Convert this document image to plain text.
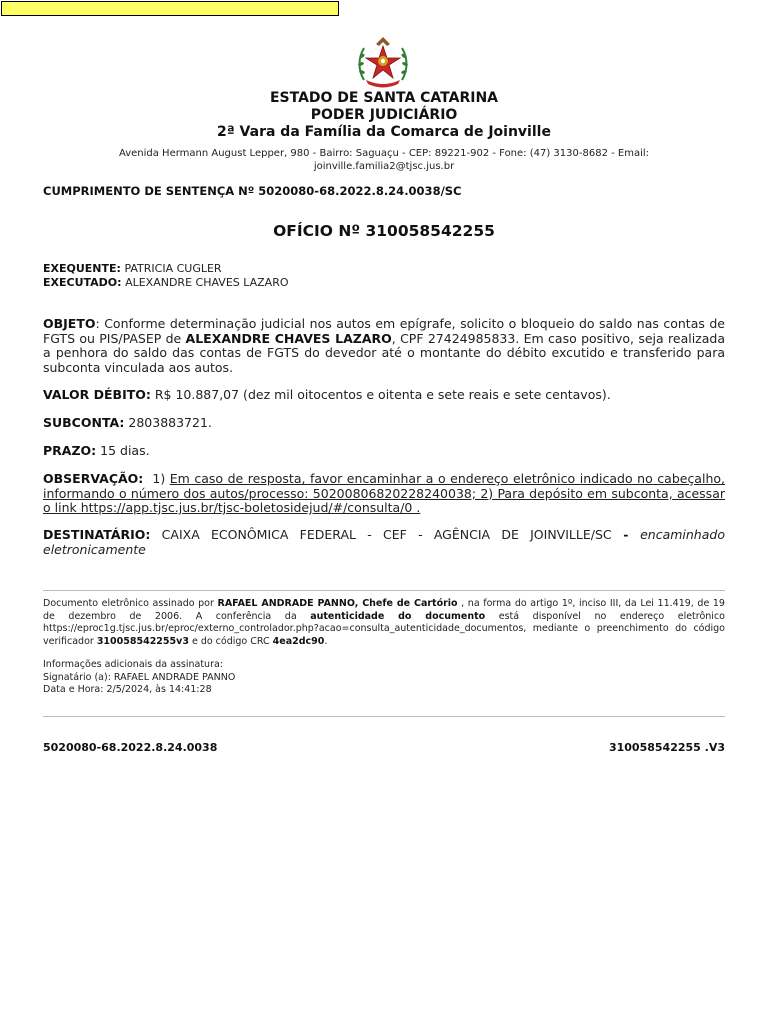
ESTADO DE SANTA CATARINA
PODER JUDICIÁRIO
2ª Vara da Família da Comarca de Joinville
Avenida Hermann August Lepper, 980 - Bairro: Saguaçu - CEP: 89221-902 - Fone: (47) 3130-8682 - Email:
joinville.familia2@tjsc.jus.br
CUMPRIMENTO DE SENTENÇA Nº 5020080-68.2022.8.24.0038/SC
OFÍCIO Nº 310058542255
EXEQUENTE: PATRICIA CUGLER
EXECUTADO: ALEXANDRE CHAVES LAZARO
OBJETO: Conforme determinação judicial nos autos em epígrafe, solicito o bloqueio do saldo nas contas de FGTS ou PIS/PASEP de ALEXANDRE CHAVES LAZARO, CPF 27424985833. Em caso positivo, seja realizada a penhora do saldo das contas de FGTS do devedor até o montante do débito excutido e transferido para subconta vinculada aos autos.
VALOR DÉBITO: R$ 10.887,07 (dez mil oitocentos e oitenta e sete reais e sete centavos).
SUBCONTA: 2803883721.
PRAZO: 15 dias.
OBSERVAÇÃO: 1) Em caso de resposta, favor encaminhar a o endereço eletrônico indicado no cabeçalho, informando o número dos autos/processo: 50200806820228240038; 2) Para depósito em subconta, acessar o link https://app.tjsc.jus.br/tjsc-boletosidejud/#/consulta/0 .
DESTINATÁRIO: CAIXA ECONÔMICA FEDERAL - CEF - AGÊNCIA DE JOINVILLE/SC - encaminhado eletronicamente
Documento eletrônico assinado por RAFAEL ANDRADE PANNO, Chefe de Cartório , na forma do artigo 1º, inciso III, da Lei 11.419, de 19 de dezembro de 2006. A conferência da autenticidade do documento está disponível no endereço eletrônico https://eproc1g.tjsc.jus.br/eproc/externo_controlador.php?acao=consulta_autenticidade_documentos, mediante o preenchimento do código verificador 310058542255v3 e do código CRC 4ea2dc90.
Informações adicionais da assinatura:
Signatário (a): RAFAEL ANDRADE PANNO
Data e Hora: 2/5/2024, às 14:41:28
5020080-68.2022.8.24.0038	310058542255 .V3
